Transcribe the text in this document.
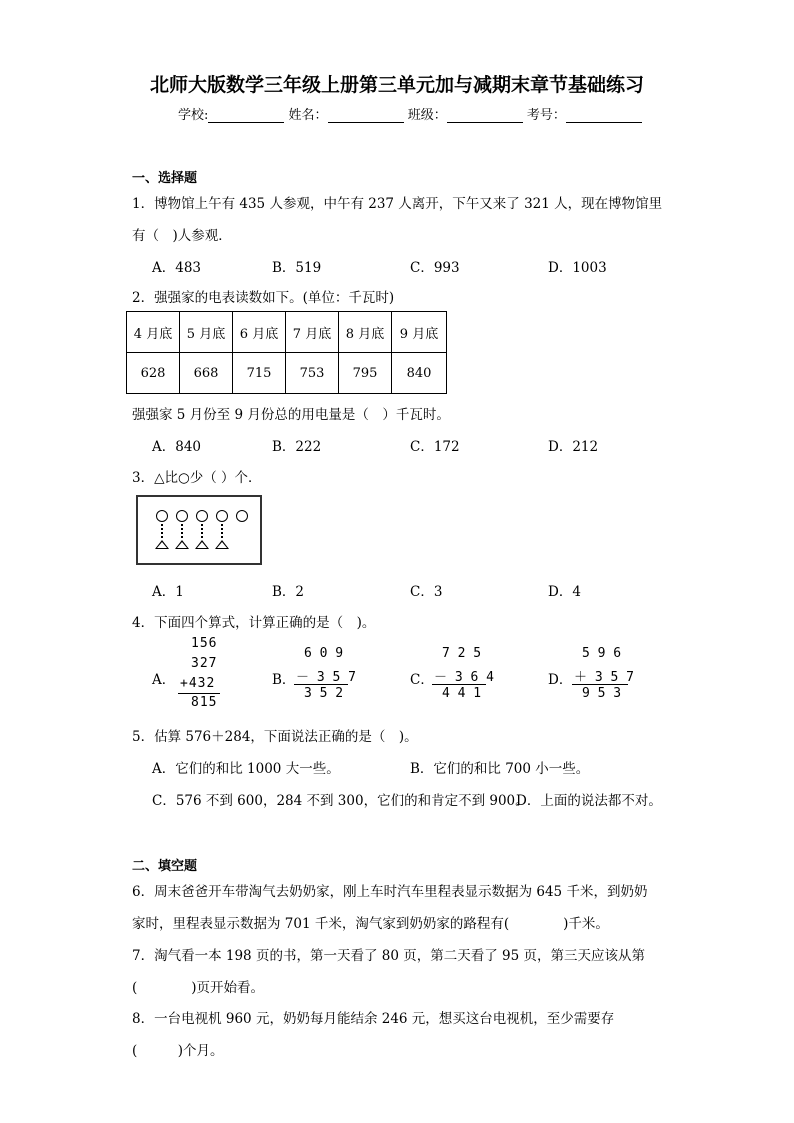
北师大版数学三年级上册第三单元加与减期末章节基础练习
学校:	姓名：	班级：	考号：
一、选择题
1．博物馆上午有 435 人参观，中午有 237 人离开，下午又来了 321 人，现在博物馆里
有（　)人参观．
A．483	B．519	C．993	D．1003
2．强强家的电表读数如下。(单位：千瓦时)
4 月底	5 月底	6 月底	7 月底	8 月底	9 月底
628	668	715	753	795	840
强强家 5 月份至 9 月份总的用电量是（　）千瓦时。
A．840	B．222	C．172	D．212
3．△比○少（ ）个．
A．1	B．2	C．3	D．4
4．下面四个算式，计算正确的是（　)。
A．
156
327
+432
815
B．
6 0 9
－ 3 5 7
3 5 2
C．
7 2 5
－ 3 6 4
4 4 1
D．
5 9 6
＋ 3 5 7
9 5 3
5．估算 576＋284，下面说法正确的是（　)。
A．它们的和比 1000 大一些。	B．它们的和比 700 小一些。
C．576 不到 600，284 不到 300，它们的和肯定不到 900。
D．上面的说法都不对。
二、填空题
6．周末爸爸开车带淘气去奶奶家，刚上车时汽车里程表显示数据为 645 千米，到奶奶
家时，里程表显示数据为 701 千米，淘气家到奶奶家的路程有(　　　　)千米。
7．淘气看一本 198 页的书，第一天看了 80 页，第二天看了 95 页，第三天应该从第
(　　　　)页开始看。
8．一台电视机 960 元，奶奶每月能结余 246 元，想买这台电视机，至少需要存
(　　　)个月。
